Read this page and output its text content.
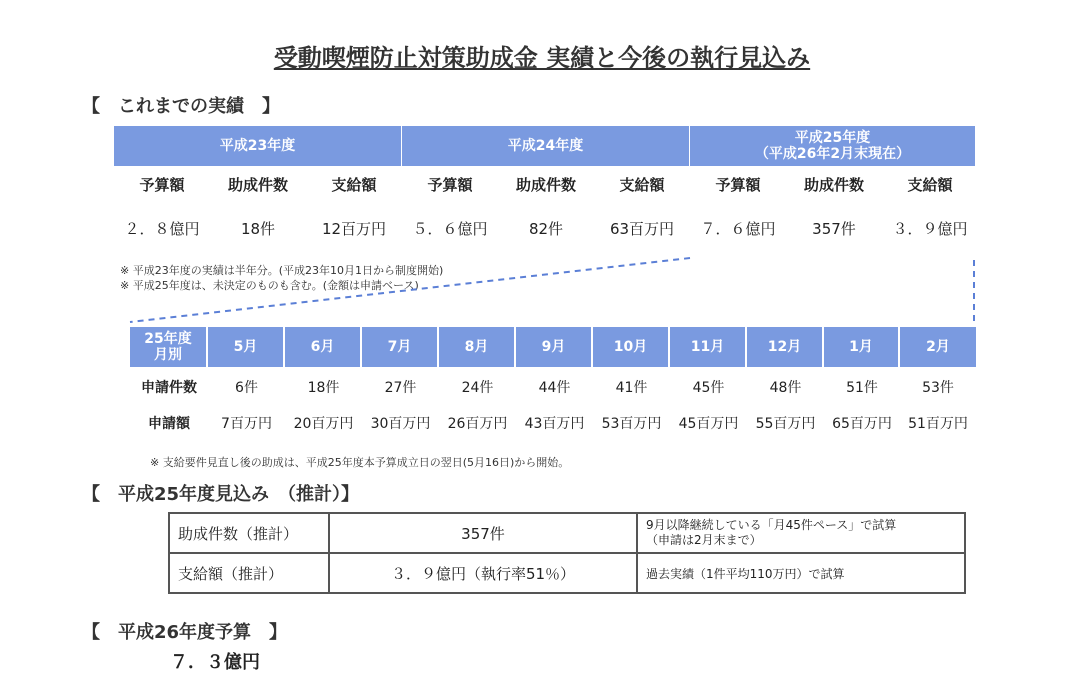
受動喫煙防止対策助成金 実績と今後の執行見込み
【　これまでの実績　】
平成23年度	平成24年度	平成25年度
（平成26年2月末現在）
予算額	助成件数	支給額	予算額	助成件数	支給額	予算額	助成件数	支給額
２．８億円	18件	12百万円	５．６億円	82件	63百万円	７．６億円	357件	３．９億円
※ 平成23年度の実績は半年分。(平成23年10月1日から制度開始)
※ 平成25年度は、未決定のものも含む。(金額は申請ベース)
25年度
月別	5月	6月	7月	8月	9月	10月	11月	12月	1月	2月
申請件数	6件	18件	27件	24件	44件	41件	45件	48件	51件	53件
申請額	7百万円	20百万円	30百万円	26百万円	43百万円	53百万円	45百万円	55百万円	65百万円	51百万円
※ 支給要件見直し後の助成は、平成25年度本予算成立日の翌日(5月16日)から開始。
【　平成25年度見込み　（推計）】
助成件数（推計）	357件	9月以降継続している「月45件ペース」で試算
（申請は2月末まで）
支給額（推計）	３．９億円（執行率51％）	過去実績（1件平均110万円）で試算
【　平成26年度予算　】
７．３億円
